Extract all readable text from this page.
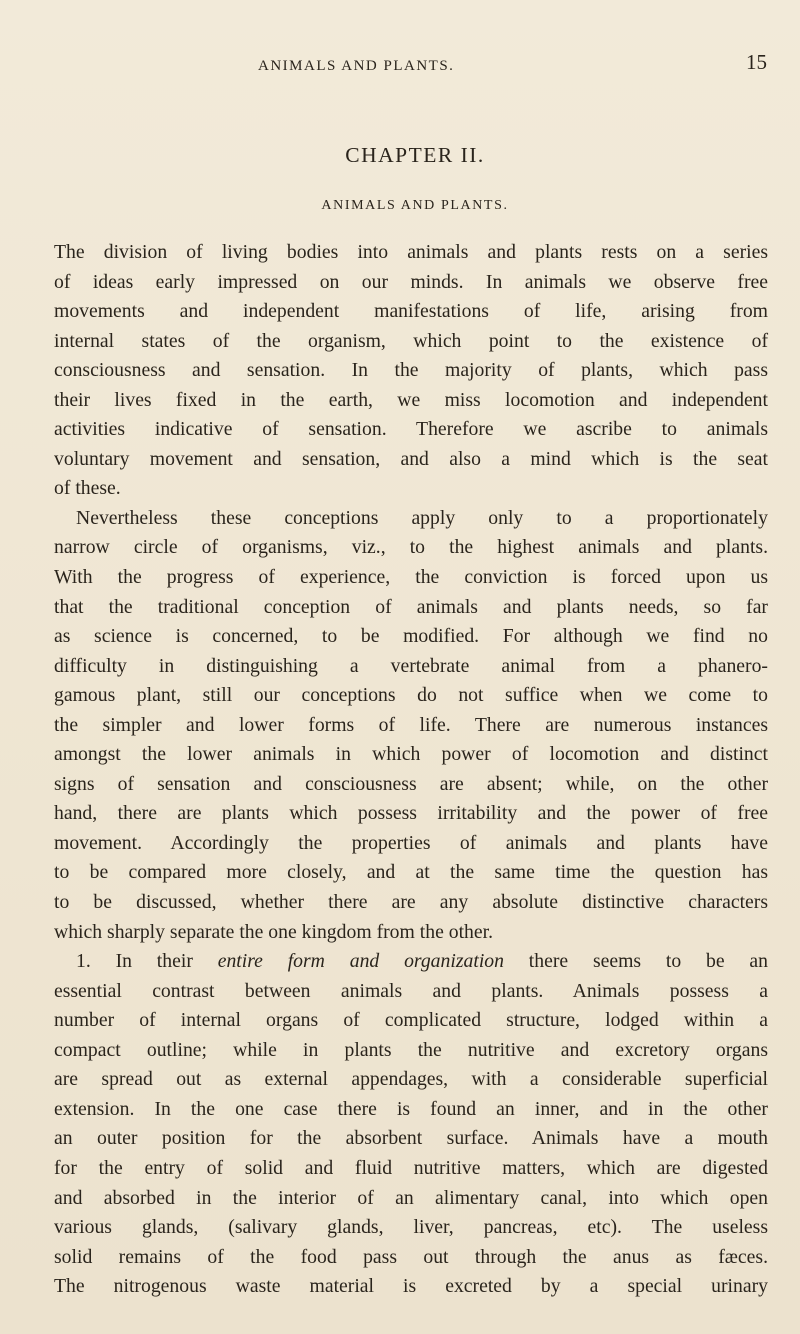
ANIMALS AND PLANTS.	15
CHAPTER II.
ANIMALS AND PLANTS.
The division of living bodies into animals and plants rests on a series
of ideas early impressed on our minds. In animals we observe free
movements and independent manifestations of life, arising from
internal states of the organism, which point to the existence of
consciousness and sensation. In the majority of plants, which pass
their lives fixed in the earth, we miss locomotion and independent
activities indicative of sensation. Therefore we ascribe to animals
voluntary movement and sensation, and also a mind which is the seat
of these.
Nevertheless these conceptions apply only to a proportionately
narrow circle of organisms, viz., to the highest animals and plants.
With the progress of experience, the conviction is forced upon us
that the traditional conception of animals and plants needs, so far
as science is concerned, to be modified. For although we find no
difficulty in distinguishing a vertebrate animal from a phanero-
gamous plant, still our conceptions do not suffice when we come to
the simpler and lower forms of life. There are numerous instances
amongst the lower animals in which power of locomotion and distinct
signs of sensation and consciousness are absent; while, on the other
hand, there are plants which possess irritability and the power of free
movement. Accordingly the properties of animals and plants have
to be compared more closely, and at the same time the question has
to be discussed, whether there are any absolute distinctive characters
which sharply separate the one kingdom from the other.
1. In their entire form and organization there seems to be an
essential contrast between animals and plants. Animals possess a
number of internal organs of complicated structure, lodged within a
compact outline; while in plants the nutritive and excretory organs
are spread out as external appendages, with a considerable superficial
extension. In the one case there is found an inner, and in the other
an outer position for the absorbent surface. Animals have a mouth
for the entry of solid and fluid nutritive matters, which are digested
and absorbed in the interior of an alimentary canal, into which open
various glands, (salivary glands, liver, pancreas, etc). The useless
solid remains of the food pass out through the anus as fæces.
The nitrogenous waste material is excreted by a special urinary
